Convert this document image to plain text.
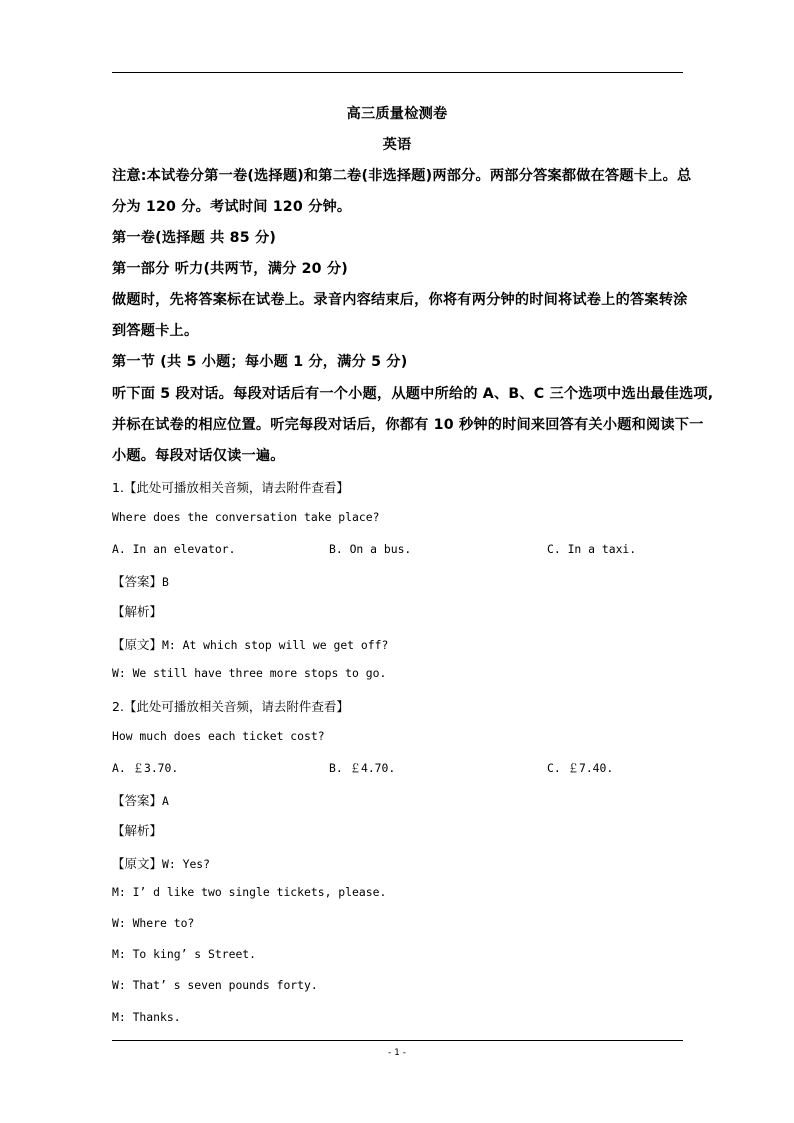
高三质量检测卷
英语
注意:本试卷分第一卷(选择题)和第二卷(非选择题)两部分。两部分答案都做在答题卡上。总
分为 120 分。考试时间 120 分钟。
第一卷(选择题 共 85 分)
第一部分 听力(共两节，满分 20 分)
做题时，先将答案标在试卷上。录音内容结束后，你将有两分钟的时间将试卷上的答案转涂
到答题卡上。
第一节 (共 5 小题；每小题 1 分，满分 5 分)
听下面 5 段对话。每段对话后有一个小题，从题中所给的 A、B、C 三个选项中选出最佳选项,
并标在试卷的相应位置。听完每段对话后，你都有 10 秒钟的时间来回答有关小题和阅读下一
小题。每段对话仅读一遍。
1.【此处可播放相关音频，请去附件查看】
Where does the conversation take place?
A. In an elevator.	B. On a bus.	C. In a taxi.
【答案】B
【解析】
【原文】M: At which stop will we get off?
W: We still have three more stops to go.
2.【此处可播放相关音频，请去附件查看】
How much does each ticket cost?
A. ￡3.70.	B. ￡4.70.	C. ￡7.40.
【答案】A
【解析】
【原文】W: Yes?
M: I’ d like two single tickets, please.
W: Where to?
M: To king’ s Street.
W: That’ s seven pounds forty.
M: Thanks.
- 1 -
